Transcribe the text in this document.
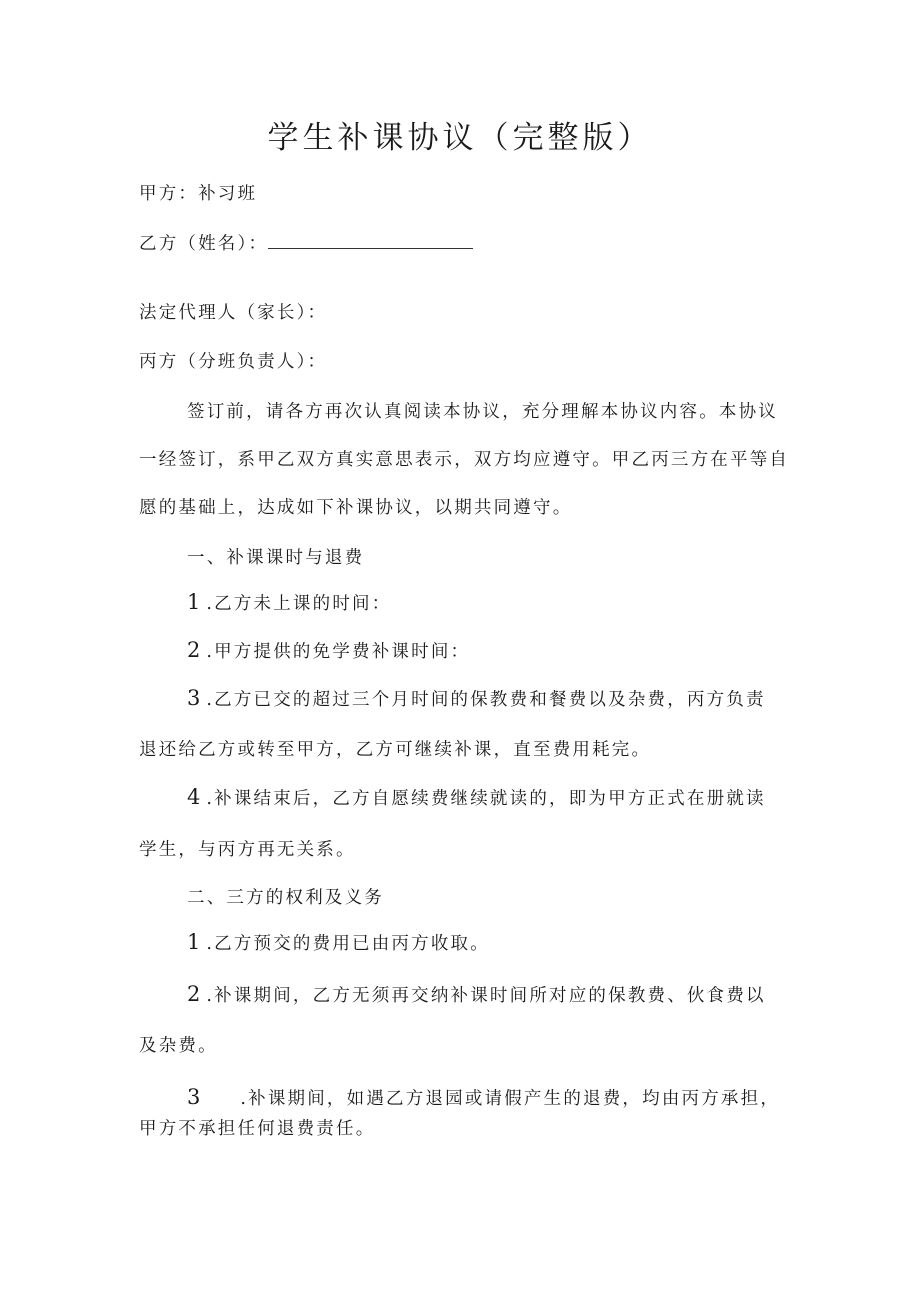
学生补课协议（完整版）
甲方：补习班
乙方（姓名）：
法定代理人（家长）：
丙方（分班负责人）：
签订前，请各方再次认真阅读本协议，充分理解本协议内容。本协议
一经签订，系甲乙双方真实意思表示，双方均应遵守。甲乙丙三方在平等自
愿的基础上，达成如下补课协议，以期共同遵守。
一、补课课时与退费
1 .乙方未上课的时间：
2 .甲方提供的免学费补课时间：
3 .乙方已交的超过三个月时间的保教费和餐费以及杂费，丙方负责
退还给乙方或转至甲方，乙方可继续补课，直至费用耗完。
4 .补课结束后，乙方自愿续费继续就读的，即为甲方正式在册就读
学生，与丙方再无关系。
二、三方的权利及义务
1 .乙方预交的费用已由丙方收取。
2 .补课期间，乙方无须再交纳补课时间所对应的保教费、伙食费以
及杂费。
3 .补课期间，如遇乙方退园或请假产生的退费，均由丙方承担，
甲方不承担任何退费责任。
